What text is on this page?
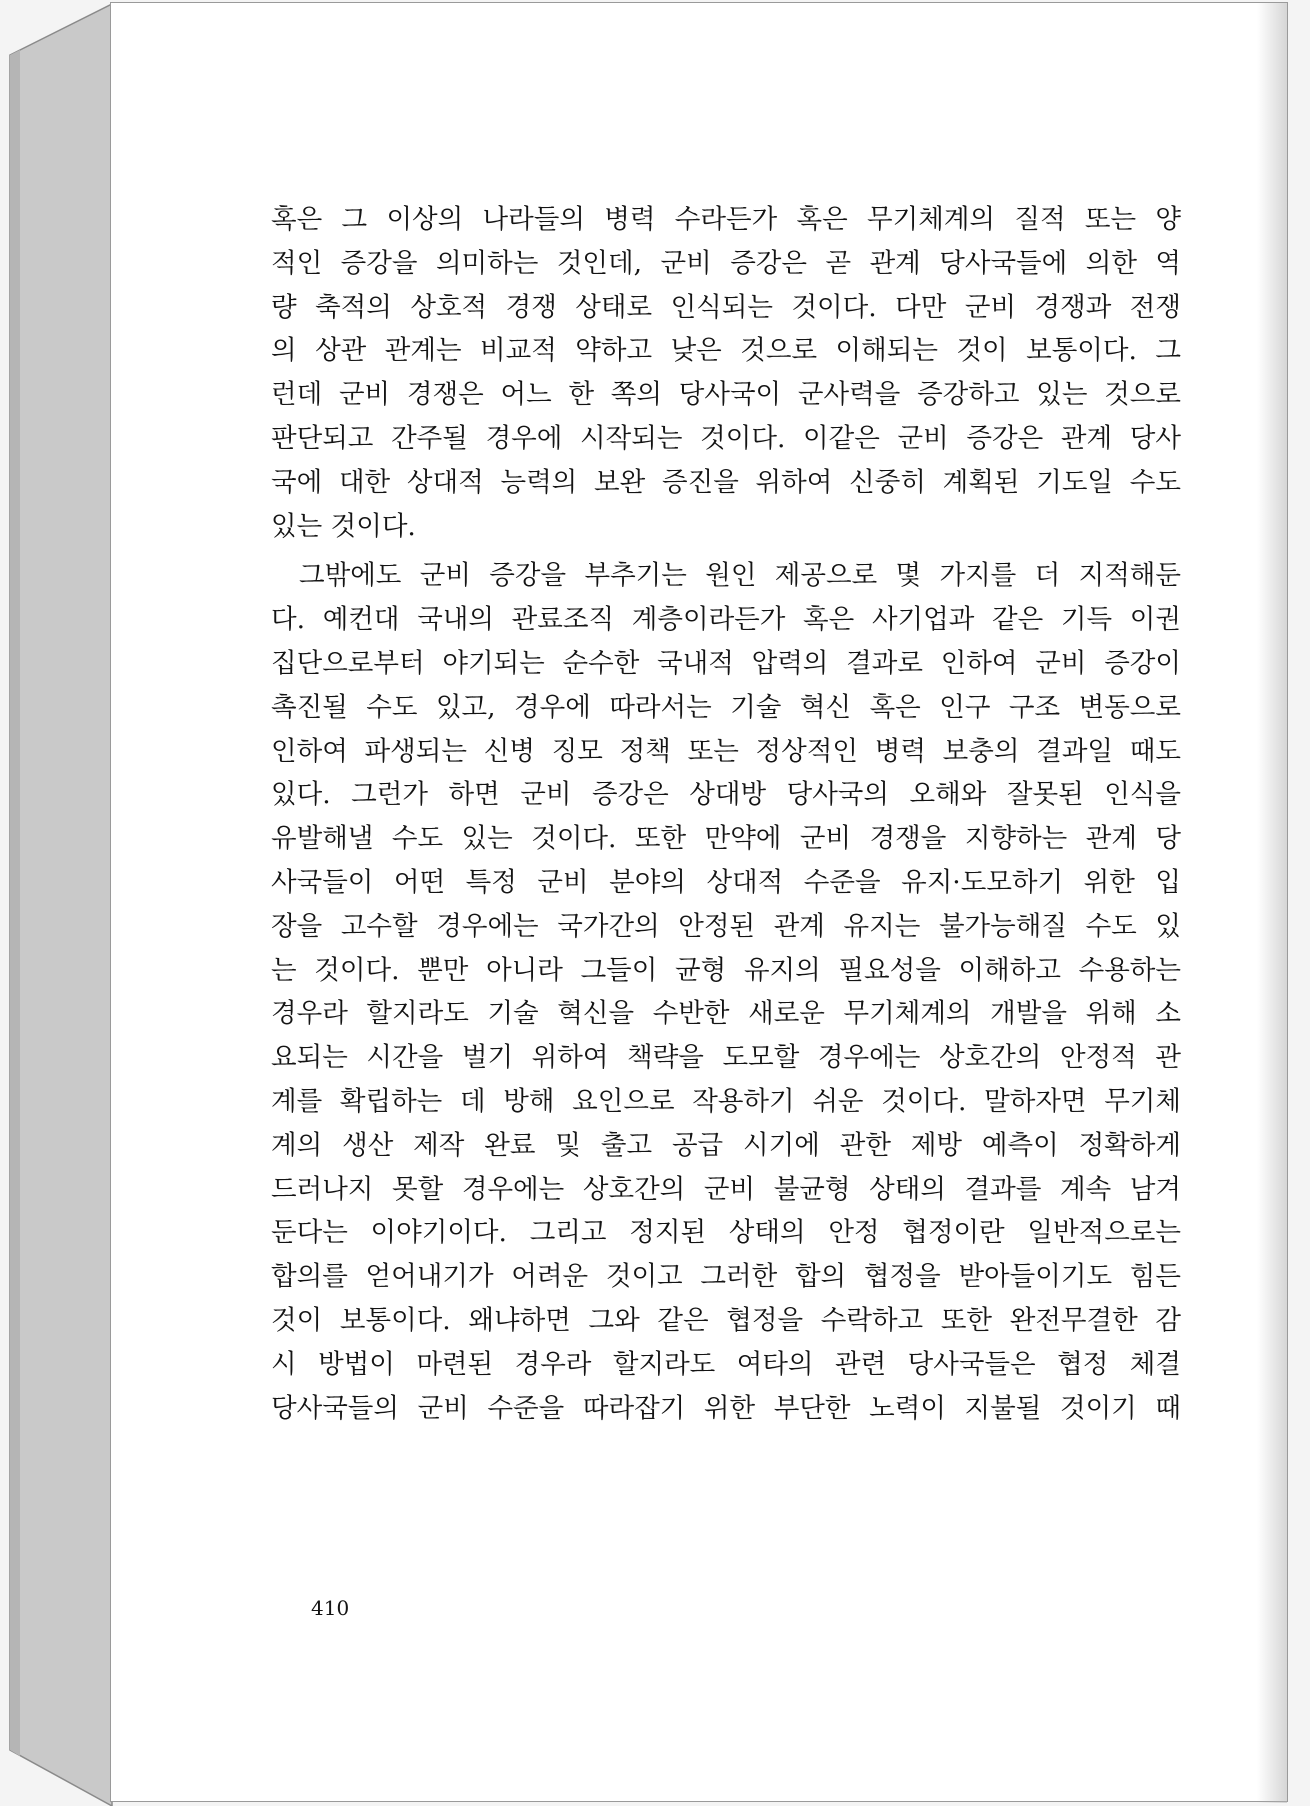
혹은 그 이상의 나라들의 병력 수라든가 혹은 무기체계의 질적 또는 양
적인 증강을 의미하는 것인데, 군비 증강은 곧 관계 당사국들에 의한 역
량 축적의 상호적 경쟁 상태로 인식되는 것이다. 다만 군비 경쟁과 전쟁
의 상관 관계는 비교적 약하고 낮은 것으로 이해되는 것이 보통이다. 그
런데 군비 경쟁은 어느 한 쪽의 당사국이 군사력을 증강하고 있는 것으로
판단되고 간주될 경우에 시작되는 것이다. 이같은 군비 증강은 관계 당사
국에 대한 상대적 능력의 보완 증진을 위하여 신중히 계획된 기도일 수도
있는 것이다.
그밖에도 군비 증강을 부추기는 원인 제공으로 몇 가지를 더 지적해둔
다. 예컨대 국내의 관료조직 계층이라든가 혹은 사기업과 같은 기득 이권
집단으로부터 야기되는 순수한 국내적 압력의 결과로 인하여 군비 증강이
촉진될 수도 있고, 경우에 따라서는 기술 혁신 혹은 인구 구조 변동으로
인하여 파생되는 신병 징모 정책 또는 정상적인 병력 보충의 결과일 때도
있다. 그런가 하면 군비 증강은 상대방 당사국의 오해와 잘못된 인식을
유발해낼 수도 있는 것이다. 또한 만약에 군비 경쟁을 지향하는 관계 당
사국들이 어떤 특정 군비 분야의 상대적 수준을 유지·도모하기 위한 입
장을 고수할 경우에는 국가간의 안정된 관계 유지는 불가능해질 수도 있
는 것이다. 뿐만 아니라 그들이 균형 유지의 필요성을 이해하고 수용하는
경우라 할지라도 기술 혁신을 수반한 새로운 무기체계의 개발을 위해 소
요되는 시간을 벌기 위하여 책략을 도모할 경우에는 상호간의 안정적 관
계를 확립하는 데 방해 요인으로 작용하기 쉬운 것이다. 말하자면 무기체
계의 생산 제작 완료 및 출고 공급 시기에 관한 제방 예측이 정확하게
드러나지 못할 경우에는 상호간의 군비 불균형 상태의 결과를 계속 남겨
둔다는 이야기이다. 그리고 정지된 상태의 안정 협정이란 일반적으로는
합의를 얻어내기가 어려운 것이고 그러한 합의 협정을 받아들이기도 힘든
것이 보통이다. 왜냐하면 그와 같은 협정을 수락하고 또한 완전무결한 감
시 방법이 마련된 경우라 할지라도 여타의 관련 당사국들은 협정 체결
당사국들의 군비 수준을 따라잡기 위한 부단한 노력이 지불될 것이기 때
410
